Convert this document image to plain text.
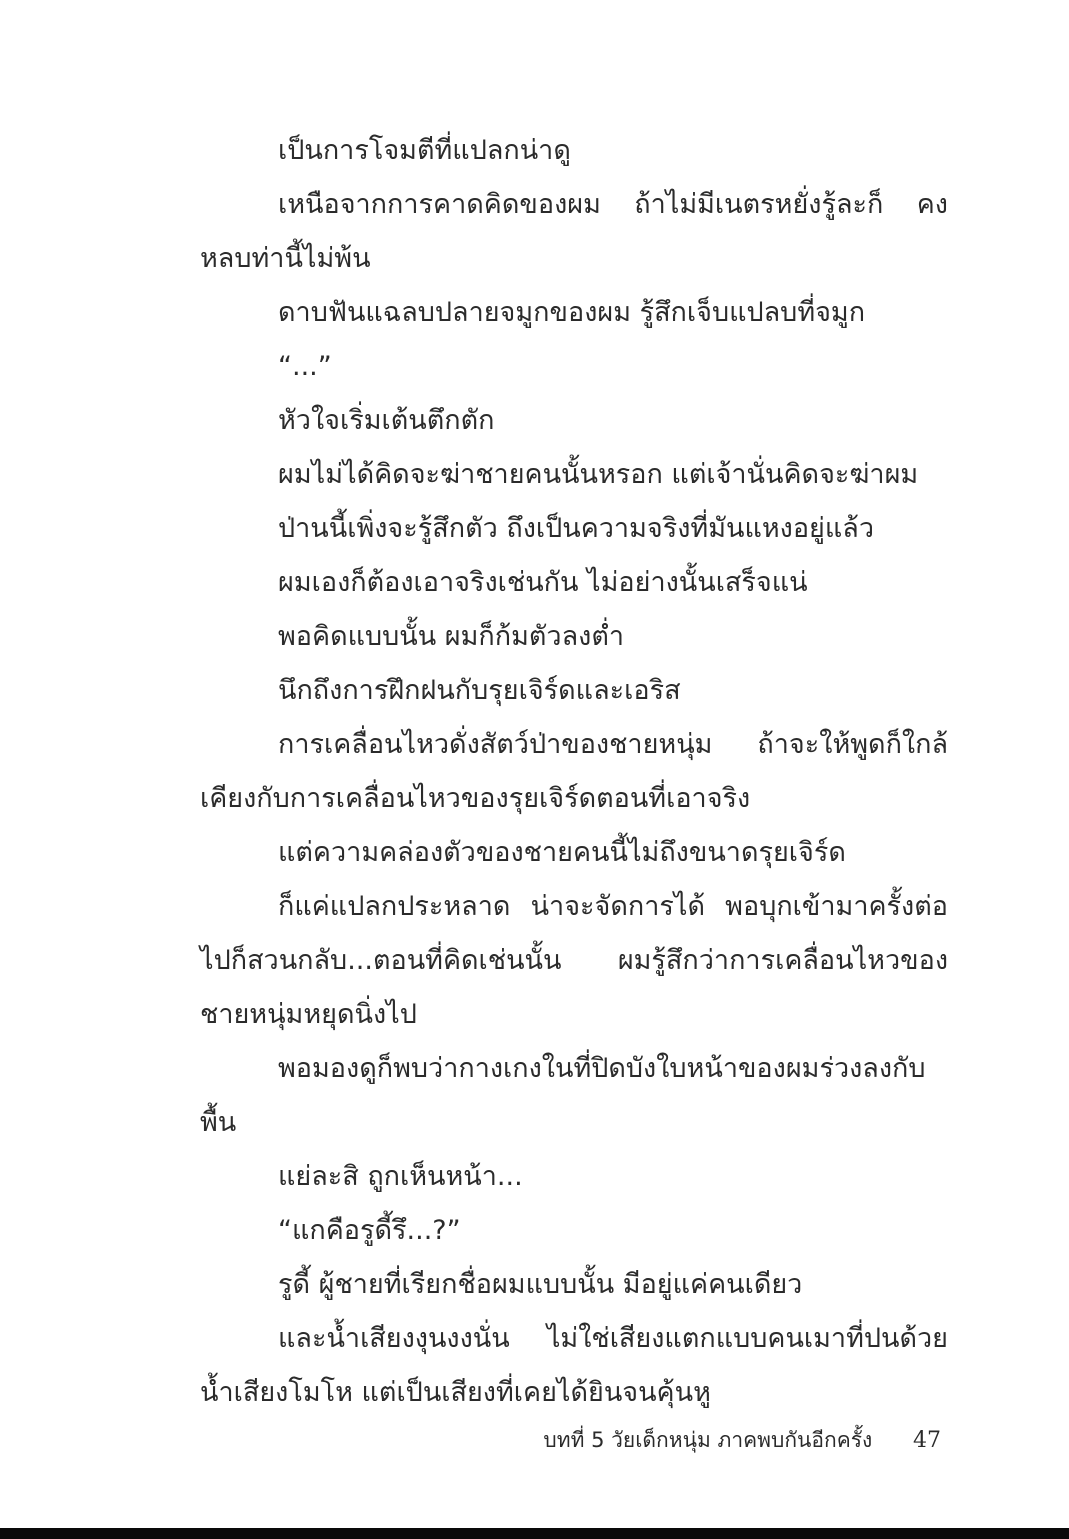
เป็นการโจมตีที่แปลกน่าดู

เหนือจากการคาดคิดของผม ถ้าไม่มีเนตรหยั่งรู้ละก็ คงหลบท่านี้ไม่พ้น

ดาบฟันแฉลบปลายจมูกของผม รู้สึกเจ็บแปลบที่จมูก

“...”

หัวใจเริ่มเต้นตึกตัก

ผมไม่ได้คิดจะฆ่าชายคนนั้นหรอก แต่เจ้านั่นคิดจะฆ่าผม

ป่านนี้เพิ่งจะรู้สึกตัว ถึงเป็นความจริงที่มันแหงอยู่แล้ว

ผมเองก็ต้องเอาจริงเช่นกัน ไม่อย่างนั้นเสร็จแน่

พอคิดแบบนั้น ผมก็ก้มตัวลงต่ำ

นึกถึงการฝึกฝนกับรุยเจิร์ดและเอริส

การเคลื่อนไหวดั่งสัตว์ป่าของชายหนุ่ม ถ้าจะให้พูดก็ใกล้เคียงกับการเคลื่อนไหวของรุยเจิร์ดตอนที่เอาจริง

แต่ความคล่องตัวของชายคนนี้ไม่ถึงขนาดรุยเจิร์ด

ก็แค่แปลกประหลาด น่าจะจัดการได้ พอบุกเข้ามาครั้งต่อไปก็สวนกลับ...ตอนที่คิดเช่นนั้น ผมรู้สึกว่าการเคลื่อนไหวของชายหนุ่มหยุดนิ่งไป

พอมองดูก็พบว่ากางเกงในที่ปิดบังใบหน้าของผมร่วงลงกับพื้น

แย่ละสิ ถูกเห็นหน้า...

“แกคือรูดี้รึ...?”

รูดี้ ผู้ชายที่เรียกชื่อผมแบบนั้น มีอยู่แค่คนเดียว

และน้ำเสียงงุนงงนั่น ไม่ใช่เสียงแตกแบบคนเมาที่ปนด้วยน้ำเสียงโมโห แต่เป็นเสียงที่เคยได้ยินจนคุ้นหู

บทที่ 5 วัยเด็กหนุ่ม ภาคพบกันอีกครั้ง 47
